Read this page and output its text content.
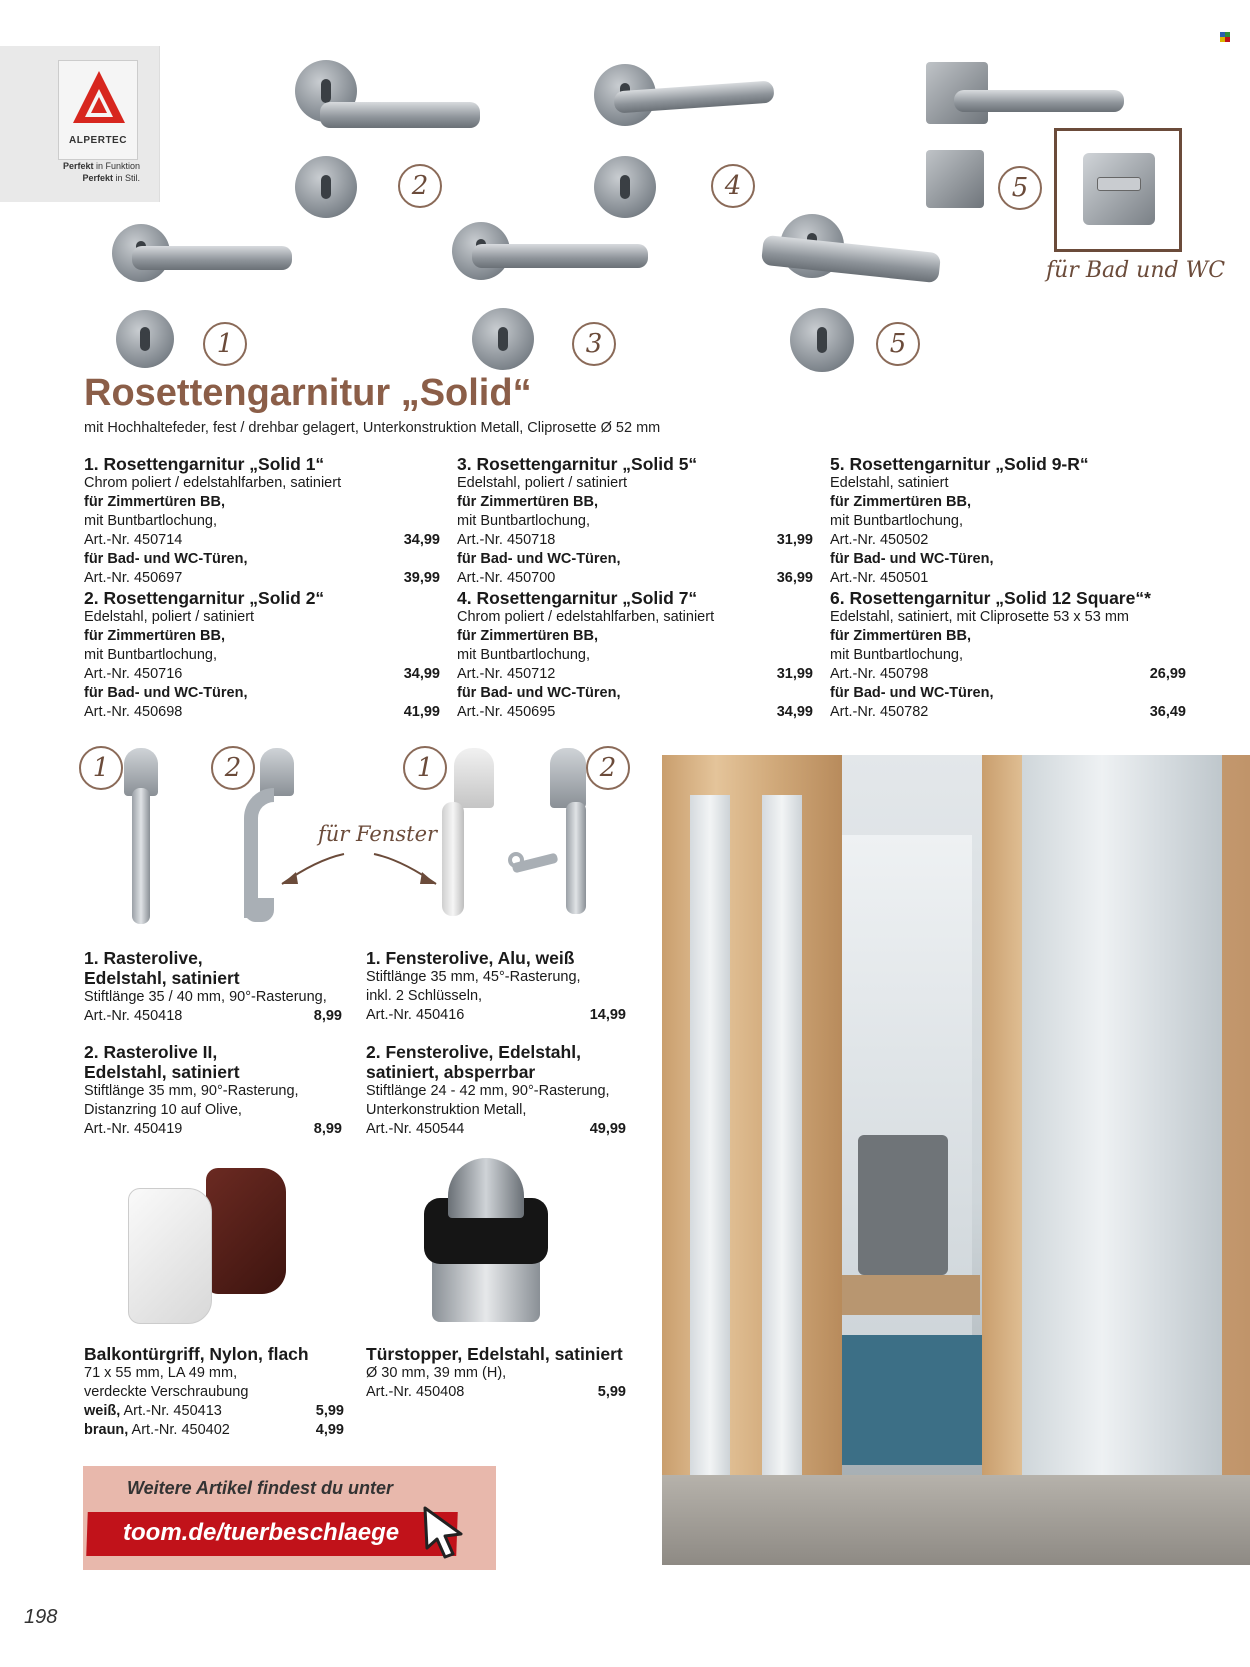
ALPERTEC
Perfekt in Funktion
Perfekt in Stil.	2	4	5
für Bad und WC
1	3	5
Rosettengarnitur „Solid“
mit Hochhaltefeder, fest / drehbar gelagert, Unterkonstruktion Metall, Cliprosette Ø 52 mm
1. Rosettengarnitur „Solid 1“
Chrom poliert / edelstahlfarben, satiniert
für Zimmertüren BB,
mit Buntbartlochung,
Art.-Nr. 450714	34,99
für Bad- und WC-Türen,
Art.-Nr. 450697	39,99
2. Rosettengarnitur „Solid 2“
Edelstahl, poliert / satiniert
für Zimmertüren BB,
mit Buntbartlochung,
Art.-Nr. 450716	34,99
für Bad- und WC-Türen,
Art.-Nr. 450698	41,99
3. Rosettengarnitur „Solid 5“
Edelstahl, poliert / satiniert
für Zimmertüren BB,
mit Buntbartlochung,
Art.-Nr. 450718	31,99
für Bad- und WC-Türen,
Art.-Nr. 450700	36,99
4. Rosettengarnitur „Solid 7“
Chrom poliert / edelstahlfarben, satiniert
für Zimmertüren BB,
mit Buntbartlochung,
Art.-Nr. 450712	31,99
für Bad- und WC-Türen,
Art.-Nr. 450695	34,99
5. Rosettengarnitur „Solid 9-R“
Edelstahl, satiniert
für Zimmertüren BB,
mit Buntbartlochung,
Art.-Nr. 450502
für Bad- und WC-Türen,
Art.-Nr. 450501
6. Rosettengarnitur „Solid 12 Square“*
Edelstahl, satiniert, mit Cliprosette 53 x 53 mm
für Zimmertüren BB,
mit Buntbartlochung,
Art.-Nr. 450798	26,99
für Bad- und WC-Türen,
Art.-Nr. 450782	36,49
1	2
für Fenster
1	2
1. Rasterolive,
Edelstahl, satiniert
Stiftlänge 35 / 40 mm, 90°-Rasterung,
Art.-Nr. 450418	8,99
2. Rasterolive II,
Edelstahl, satiniert
Stiftlänge 35 mm, 90°-Rasterung,
Distanzring 10 auf Olive,
Art.-Nr. 450419	8,99
1. Fensterolive, Alu, weiß
Stiftlänge 35 mm, 45°-Rasterung,
inkl. 2 Schlüsseln,
Art.-Nr. 450416	14,99
2. Fensterolive, Edelstahl,
satiniert, absperrbar
Stiftlänge 24 - 42 mm, 90°-Rasterung,
Unterkonstruktion Metall,
Art.-Nr. 450544	49,99
Balkontürgriff, Nylon, flach
71 x 55 mm, LA 49 mm,
verdeckte Verschraubung
weiß, Art.-Nr. 450413	5,99
braun, Art.-Nr. 450402	4,99
Türstopper, Edelstahl, satiniert
Ø 30 mm, 39 mm (H),
Art.-Nr. 450408	5,99
Weitere Artikel findest du unter
toom.de/tuerbeschlaege
198
